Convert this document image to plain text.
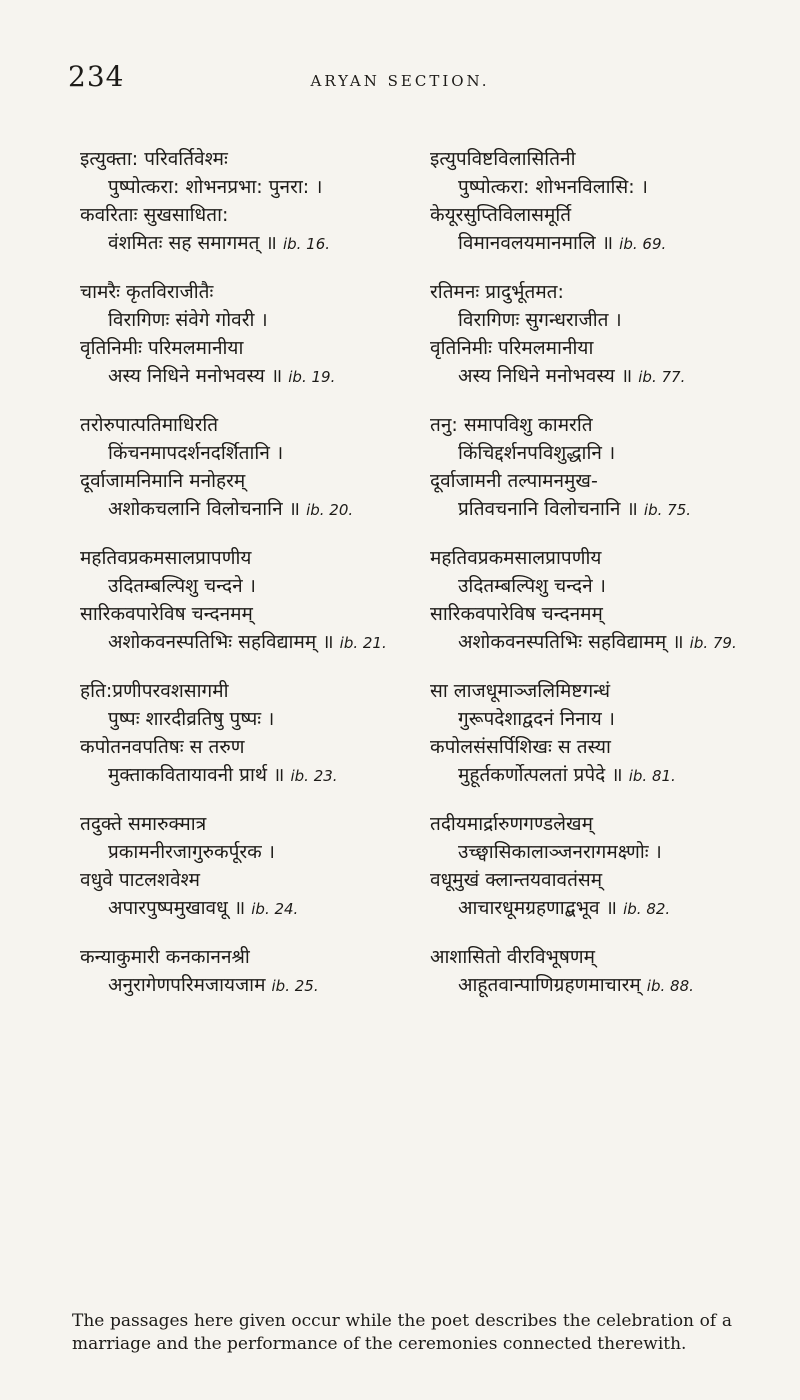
234	ARYAN SECTION.
इत्युक्ता: परिवर्तिवेश्मः
पुष्पोत्करा: शोभनप्रभा: पुनरा: ।
कवरिताः सुखसाधिता:
वंशमितः सह समागमत् ॥ ib. 16.
चामरैः कृतविराजीतैः
विरागिणः संवेगे गोवरी ।
वृतिनिमीः परिमलमानीया
अस्य निधिने मनोभवस्य ॥ ib. 19.
तरोरुपात्पतिमाधिरति
किंचनमापदर्शनदर्शितानि ।
दूर्वाजामनिमानि मनोहरम्
अशोकचलानि विलोचनानि ॥ ib. 20.
महतिवप्रकमसालप्रापणीय
उदितम्बल्पिशु चन्दने ।
सारिकवपारेविष चन्दनमम्
अशोकवनस्पतिभिः सहविद्यामम् ॥ ib. 21.
हति:प्रणीपरवशसागमी
पुष्पः शारदीव्रतिषु पुष्पः ।
कपोतनवपतिषः स तरुण
मुक्ताकवितायावनी प्रार्थ ॥ ib. 23.
तदुक्ते समारुक्मात्र
प्रकामनीरजागुरुकर्पूरक ।
वधुवे पाटलशवेश्म
अपारपुष्पमुखावधू ॥ ib. 24.
कन्याकुमारी कनकाननश्री
अनुरागेणपरिमजायजाम ib. 25.
इत्युपविष्टविलासितिनी
पुष्पोत्करा: शोभनविलासि: ।
केयूरसुप्तिविलासमूर्ति
विमानवलयमानमालि ॥ ib. 69.
रतिमनः प्रादुर्भूतमत:
विरागिणः सुगन्धराजीत ।
वृतिनिमीः परिमलमानीया
अस्य निधिने मनोभवस्य ॥ ib. 77.
तनु: समापविशु कामरति
किंचिद्दर्शनपविशुद्धानि ।
दूर्वाजामनी तल्पामनमुख-
प्रतिवचनानि विलोचनानि ॥ ib. 75.
महतिवप्रकमसालप्रापणीय
उदितम्बल्पिशु चन्दने ।
सारिकवपारेविष चन्दनमम्
अशोकवनस्पतिभिः सहविद्यामम् ॥ ib. 79.
सा लाजधूमाञ्जलिमिष्टगन्धं
गुरूपदेशाद्वदनं निनाय ।
कपोलसंसर्पिशिखः स तस्या
मुहूर्तकर्णोत्पलतां प्रपेदे ॥ ib. 81.
तदीयमार्द्रारुणगण्डलेखम्
उच्छ्वासिकालाञ्जनरागमक्ष्णोः ।
वधूमुखं क्लान्तयवावतंसम्
आचारधूमग्रहणाद्बभूव ॥ ib. 82.
आशासितो वीरविभूषणम्
आहूतवान्पाणिग्रहणमाचारम् ib. 88.
The passages here given occur while the poet describes the celebration of a marriage and the performance of the ceremonies connected therewith.
